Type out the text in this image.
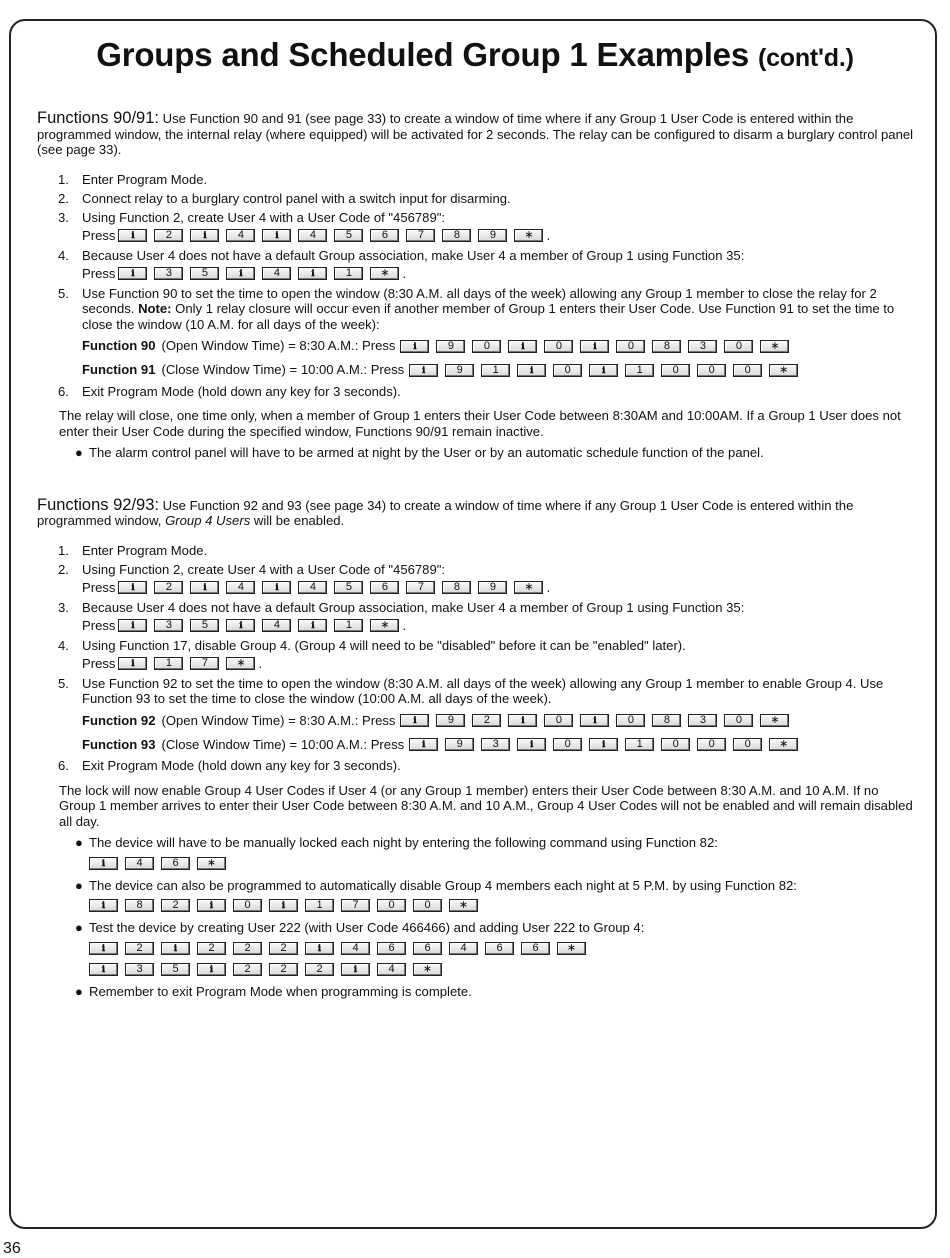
Groups and Scheduled Group 1 Examples (cont'd.)

Functions 90/91: Use Function 90 and 91 (see page 33) to create a window of time where if any Group 1 User Code is entered within the programmed window, the internal relay (where equipped) will be activated for 2 seconds. The relay can be configured to disarm a burglary control panel (see page 33).

1. Enter Program Mode.
2. Connect relay to a burglary control panel with a switch input for disarming.
3. Using Function 2, create User 4 with a User Code of "456789":
Press ℹ	2	ℹ	4	ℹ	4	5	6	7	8	9	∗ .
4. Because User 4 does not have a default Group association, make User 4 a member of Group 1 using Function 35:
Press ℹ	3	5	ℹ	4	ℹ	1	∗ .
5. Use Function 90 to set the time to open the window (8:30 A.M. all days of the week) allowing any Group 1 member to close the relay for 2 seconds. Note: Only 1 relay closure will occur even if another member of Group 1 enters their User Code. Use Function 91 to set the time to close the window (10 A.M. for all days of the week):
Function 90 (Open Window Time) = 8:30 A.M.: Press ℹ	9	0	ℹ	0	ℹ	0	8	3	0	∗
Function 91 (Close Window Time) = 10:00 A.M.: Press ℹ	9	1	ℹ	0	ℹ	1	0	0	0	∗
6. Exit Program Mode (hold down any key for 3 seconds).

The relay will close, one time only, when a member of Group 1 enters their User Code between 8:30AM and 10:00AM. If a Group 1 User does not enter their User Code during the specified window, Functions 90/91 remain inactive.

● The alarm control panel will have to be armed at night by the User or by an automatic schedule function of the panel.

Functions 92/93: Use Function 92 and 93 (see page 34) to create a window of time where if any Group 1 User Code is entered within the programmed window, Group 4 Users will be enabled.

1. Enter Program Mode.
2. Using Function 2, create User 4 with a User Code of "456789":
Press ℹ	2	ℹ	4	ℹ	4	5	6	7	8	9	∗ .
3. Because User 4 does not have a default Group association, make User 4 a member of Group 1 using Function 35:
Press ℹ	3	5	ℹ	4	ℹ	1	∗ .
4. Using Function 17, disable Group 4. (Group 4 will need to be "disabled" before it can be "enabled" later).
Press ℹ	1	7	∗ .
5. Use Function 92 to set the time to open the window (8:30 A.M. all days of the week) allowing any Group 1 member to enable Group 4. Use Function 93 to set the time to close the window (10:00 A.M. all days of the week).
Function 92 (Open Window Time) = 8:30 A.M.: Press ℹ	9	2	ℹ	0	ℹ	0	8	3	0	∗
Function 93 (Close Window Time) = 10:00 A.M.: Press ℹ	9	3	ℹ	0	ℹ	1	0	0	0	∗
6. Exit Program Mode (hold down any key for 3 seconds).

The lock will now enable Group 4 User Codes if User 4 (or any Group 1 member) enters their User Code between 8:30 A.M. and 10 A.M. If no Group 1 member arrives to enter their User Code between 8:30 A.M. and 10 A.M., Group 4 User Codes will not be enabled and will remain disabled all day.

● The device will have to be manually locked each night by entering the following command using Function 82:
ℹ	4	6	∗
● The device can also be programmed to automatically disable Group 4 members each night at 5 P.M. by using Function 82:
ℹ	8	2	ℹ	0	ℹ	1	7	0	0	∗
● Test the device by creating User 222 (with User Code 466466) and adding User 222 to Group 4:
ℹ	2	ℹ	2	2	2	ℹ	4	6	6	4	6	6	∗
ℹ	3	5	ℹ	2	2	2	ℹ	4	∗
● Remember to exit Program Mode when programming is complete.
36
